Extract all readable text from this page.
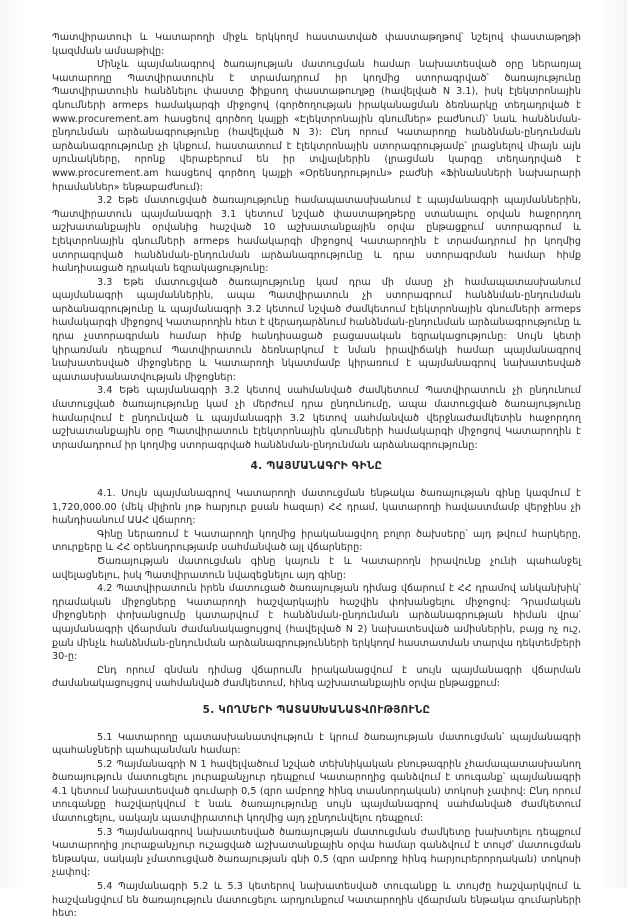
Պատվիրատուի և Կատարողի միջև երկկողմ հաստատված փաստաթղթով՝ նշելով փաստաթղթի կազմման ամսաթիվը:

Մինչև պայմանագրով ծառայության մատուցման համար նախատեսված օրը ներառյալ Կատարողը Պատվիրատուին է տրամադրում իր կողմից ստորագրված՝ ծառայությունը Պատվիրատուին հանձնելու փաստը ֆիքսող փաստաթուղթը (հավելված N 3.1), իսկ էլեկտրոնային գնումների armeps համակարգի միջոցով (գործողության իրականացման ձեռնարկը տեղադրված է www.procurement.am հասցեով գործող կայքի «Էլեկտրոնային գնումներ» բաժնում)՝ նաև հանձնման-ընդունման արձանագրությունը (հավելված N 3): Ընդ որում Կատարողը հանձնման-ընդունման արձանագրությունը չի կնքում, հաստատում է էլեկտրոնային ստորագրությամբ՝ լրացնելով միայն այն սյունակները, որոնք վերաբերում են իր տվյալներին (լրացման կարգը տեղադրված է www.procurement.am հասցեով գործող կայքի «Օրենսդրություն» բաժնի «Ֆինանսների նախարարի հրամաններ» ենթաբաժնում):

3.2 Եթե մատուցված ծառայությունը համապատասխանում է պայմանագրի պայմաններին, Պատվիրատուն պայմանագրի 3.1 կետում նշված փաստաթղթերը ստանալու օրվան հաջորդող աշխատանքային օրվանից հաշված 10 աշխատանքային օրվա ընթացքում ստորագրում և էլեկտրոնային գնումների armeps համակարգի միջոցով Կատարողին է տրամադրում իր կողմից ստորագրված հանձնման-ընդունման արձանագրությունը և դրա ստորագրման համար հիմք հանդիսացած դրական եզրակացությունը:

3.3 Եթե մատուցված ծառայությունը կամ դրա մի մասը չի համապատասխանում պայմանագրի պայմաններին, ապա Պատվիրատուն չի ստորագրում հանձնման-ընդունման արձանագրությունը և պայմանագրի 3.2 կետում նշված ժամկետում էլեկտրոնային գնումների armeps համակարգի միջոցով Կատարողին հետ է վերադարձնում հանձնման-ընդունման արձանագրությունը և դրա չստորագրման համար հիմք հանդիսացած բացասական եզրակացությունը: Սույն կետի կիրառման դեպքում Պատվիրատուն ձեռնարկում է նման իրավիճակի համար պայմանագրով նախատեսված միջոցները և Կատարողի նկատմամբ կիրառում է պայմանագրով նախատեսված պատասխանատվության միջոցներ:

3.4 Եթե պայմանագրի 3.2 կետով սահմանված ժամկետում Պատվիրատուն չի ընդունում մատուցված ծառայությունը կամ չի մերժում դրա ընդունումը, ապա մատուցված ծառայությունը համարվում է ընդունված և պայմանագրի 3.2 կետով սահմանված վերջնաժամկետին հաջորդող աշխատանքային օրը Պատվիրատուն էլեկտրոնային գնումների համակարգի միջոցով Կատարողին է տրամադրում իր կողմից ստորագրված հանձնման-ընդունման արձանագրությունը:

4. ՊԱՅՄԱՆԱԳՐԻ ԳԻՆԸ

4.1. Սույն պայմանագրով Կատարողի մատուցման ենթակա ծառայության գինը կազմում է 1,720,000.00 (մեկ միլիոն յոթ հարյուր քսան հազար) ՀՀ դրամ, կատարողի հավաստմամբ վերջինս չի հանդիսանում ԱԱՀ վճարող:

Գինը ներառում է Կատարողի կողմից իրականացվող բոլոր ծախսերը՝ այդ թվում հարկերը, տուրքերը և ՀՀ օրենսդրությամբ սահմանված այլ վճարները:

Ծառայության մատուցման գինը կայուն է և Կատարողն իրավունք չունի պահանջել ավելացնելու, իսկ Պատվիրատուն նվազեցնելու այդ գինը:

4.2 Պատվիրատուն իրեն մատուցած ծառայության դիմաց վճարում է ՀՀ դրամով անկանխիկ՝ դրամական միջոցները Կատարողի հաշվարկային հաշվին փոխանցելու միջոցով: Դրամական միջոցների փոխանցումը կատարվում է հանձնման-ընդունման արձանագրության հիման վրա՝ պայմանագրի վճարման ժամանակացույցով (հավելված N 2) նախատեսված ամիսներին, բայց ոչ ուշ, քան մինչև հանձնման-ընդունման արձանագրությունների երկկողմ հաստատման տարվա դեկտեմբերի 30-ը:

Ընդ որում գնման դիմաց վճարումն իրականացվում է սույն պայմանագրի վճարման ժամանակացույցով սահմանված ժամկետում, հինգ աշխատանքային օրվա ընթացքում:

5. ԿՈՂՄԵՐԻ ՊԱՏԱՍԽԱՆԱՏՎՈՒԹՅՈՒՆԸ

5.1 Կատարողը պատասխանատվություն է կրում ծառայության մատուցման՝ պայմանագրի պահանջների պահպանման համար:

5.2 Պայմանագրի N 1 հավելվածում նշված տեխնիկական բնութագրին չհամապատասխանող ծառայություն մատուցելու յուրաքանչյուր դեպքում Կատարողից գանձվում է տուգանք՝ պայմանագրի 4.1 կետում նախատեսված գումարի 0,5 (զրո ամբողջ հինգ տասնորդական) տոկոսի չափով: Ընդ որում տուգանքը հաշվարկվում է նաև ծառայությունը սույն պայմանագրով սահմանված ժամկետում մատուցելու, սակայն պատվիրատուի կողմից այդ չընդունվելու դեպքում:

5.3 Պայմանագրով նախատեսված ծառայության մատուցման ժամկետը խախտելու դեպքում Կատարողից յուրաքանչյուր ուշացված աշխատանքային օրվա համար գանձվում է տույժ՝ մատուցման ենթակա, սակայն չմատուցված ծառայության գնի 0,5 (զրո ամբողջ հինգ հարյուրերորդական) տոկոսի չափով:

5.4 Պայմանագրի 5.2 և 5.3 կետերով նախատեսված տուգանքը և տույժը հաշվարկվում և հաշվանցվում են ծառայություն մատուցելու արդյունքում Կատարողին վճարման ենթակա գումարների հետ:
